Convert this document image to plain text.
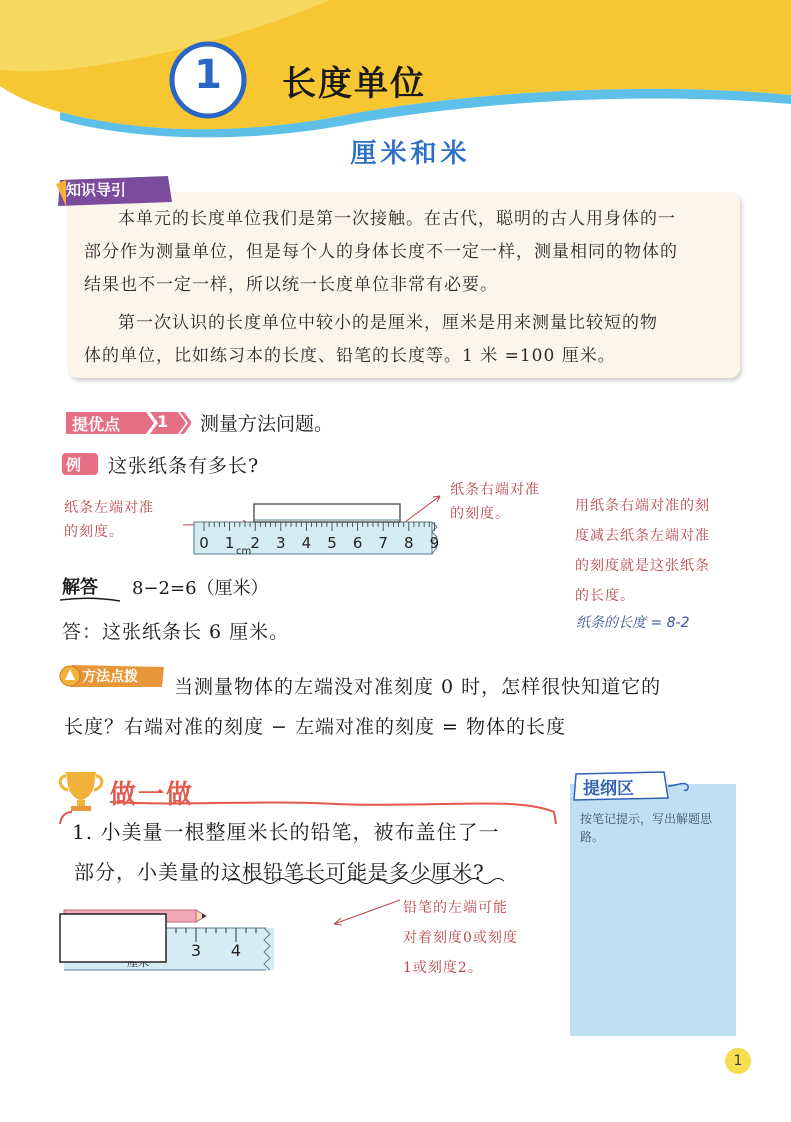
1	长度单位
厘米和米
知识导引
本单元的长度单位我们是第一次接触。在古代，聪明的古人用身体的一
部分作为测量单位，但是每个人的身体长度不一定一样，测量相同的物体的
结果也不一定一样，所以统一长度单位非常有必要。
第一次认识的长度单位中较小的是厘米，厘米是用来测量比较短的物
体的单位，比如练习本的长度、铅笔的长度等。1 米 =100 厘米。
提优点 1 测量方法问题。
例 这张纸条有多长?
纸条左端对准
的刻度。
纸条右端对准
的刻度。	用纸条右端对准的刻
度减去纸条左端对准
的刻度就是这张纸条
的长度。
纸条的长度 = 8-2
0 1 2 3 4 5 6 7 8 9
cm
解答 8−2=6（厘米）
答：这张纸条长 6 厘米。
方法点拨 当测量物体的左端没对准刻度 0 时，怎样很快知道它的
长度？右端对准的刻度 − 左端对准的刻度 = 物体的长度
做一做
1. 小美量一根整厘米长的铅笔，被布盖住了一
部分，小美量的这根铅笔长可能是多少厘米?
3 4
铅笔的左端可能
对着刻度0或刻度
1或刻度2。
提纲区
按笔记提示，写出解题思路。
1
